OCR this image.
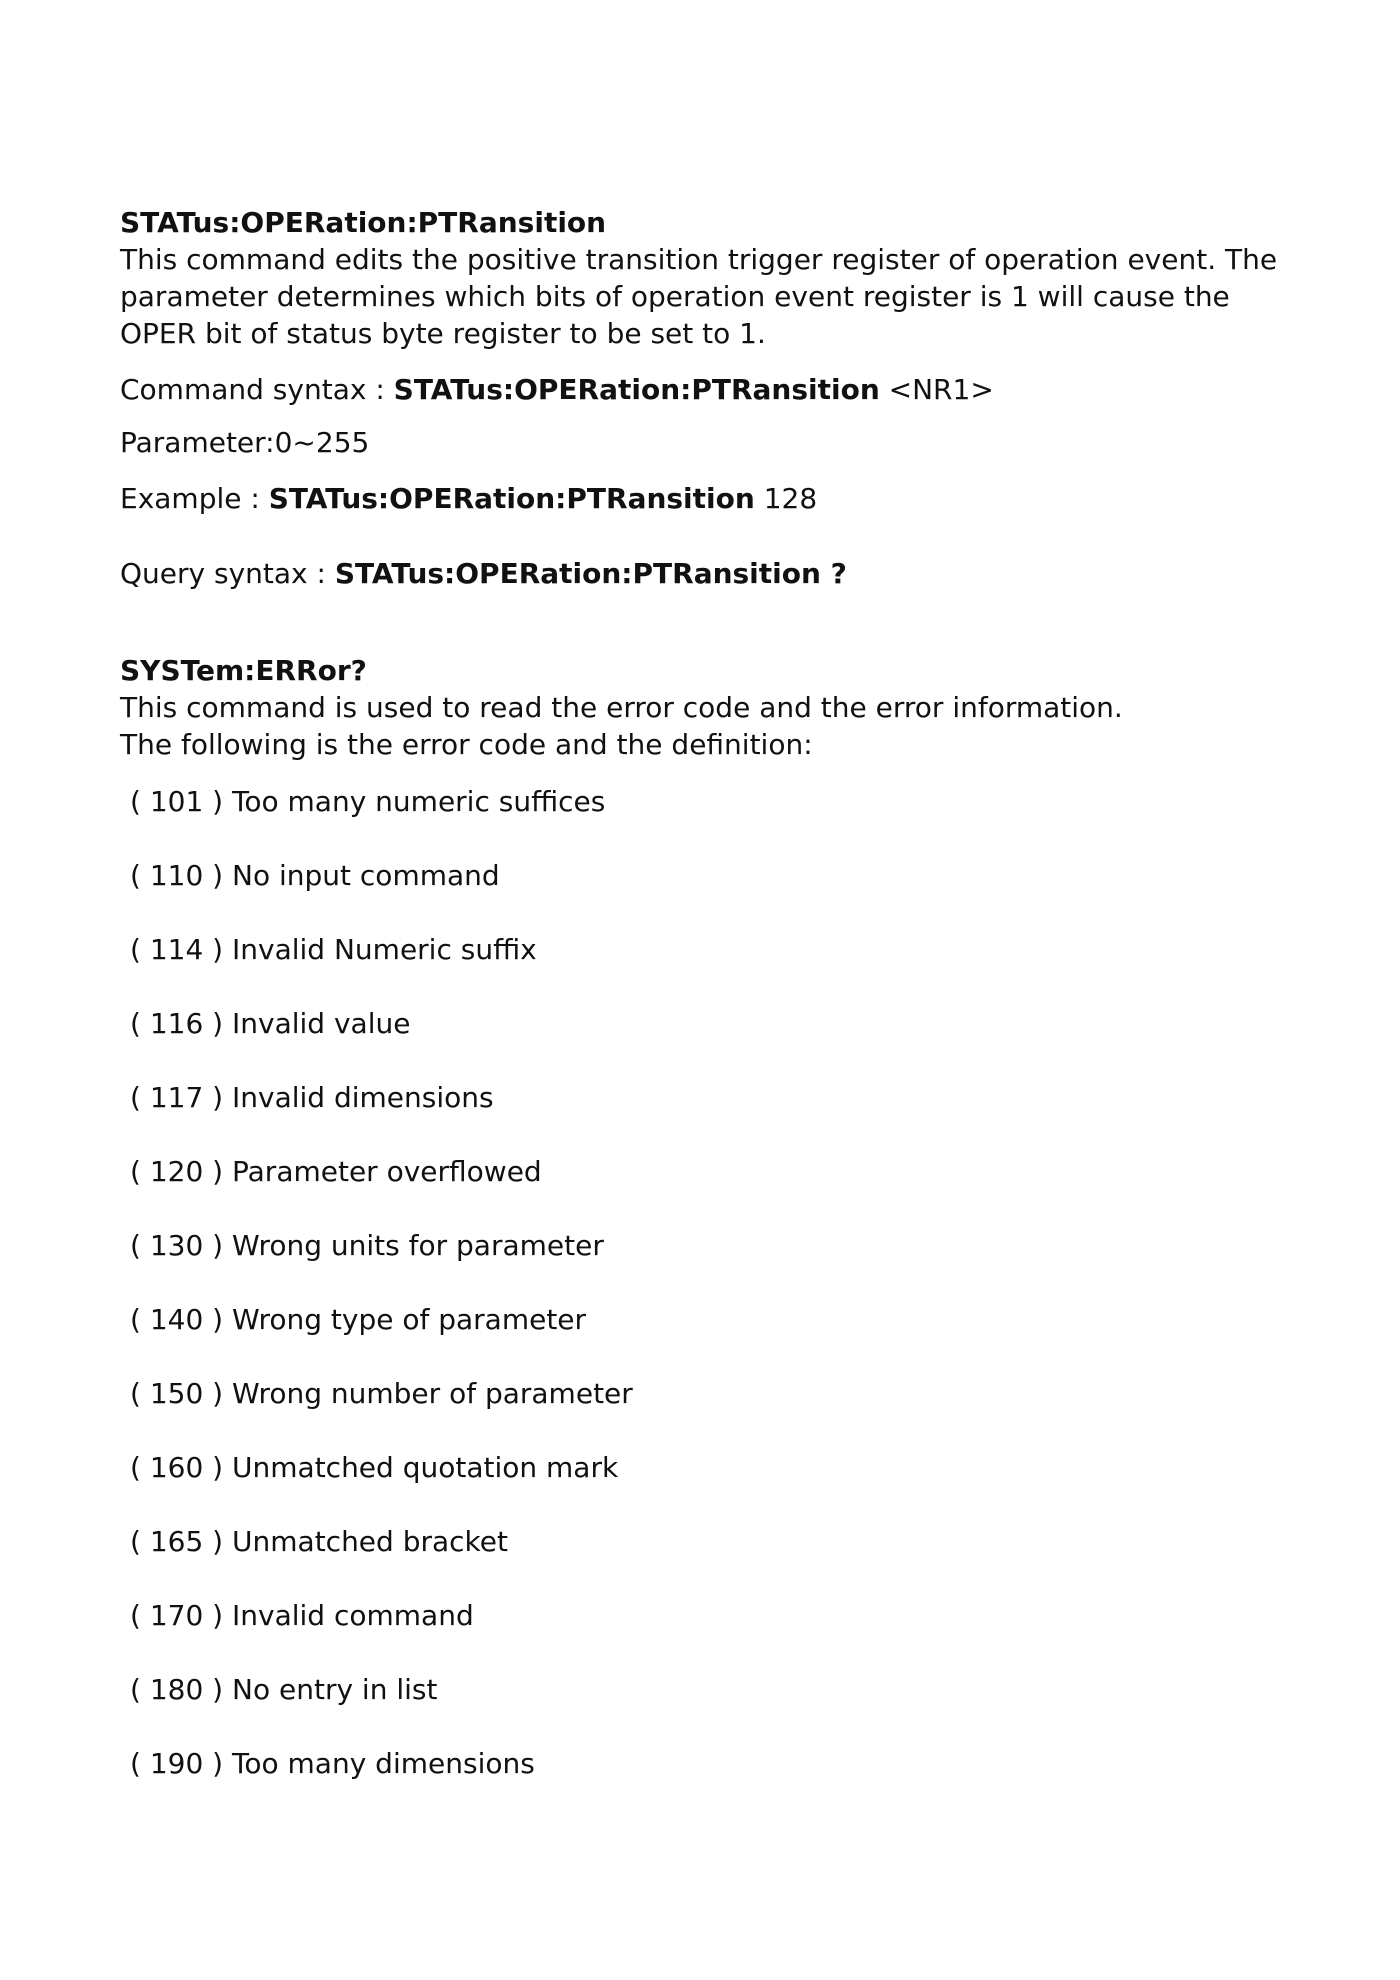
STATus:OPERation:PTRansition

This command edits the positive transition trigger register of operation event. The parameter determines which bits of operation event register is 1 will cause the OPER bit of status byte register to be set to 1.

Command syntax : STATus:OPERation:PTRansition <NR1>

Parameter:0~255

Example : STATus:OPERation:PTRansition 128

Query syntax : STATus:OPERation:PTRansition ?

SYSTem:ERRor?

This command is used to read the error code and the error information.

The following is the error code and the definition:

( 101 ) Too many numeric suffices
( 110 ) No input command
( 114 ) Invalid Numeric suffix
( 116 ) Invalid value
( 117 ) Invalid dimensions
( 120 ) Parameter overflowed
( 130 ) Wrong units for parameter
( 140 ) Wrong type of parameter
( 150 ) Wrong number of parameter
( 160 ) Unmatched quotation mark
( 165 ) Unmatched bracket
( 170 ) Invalid command
( 180 ) No entry in list
( 190 ) Too many dimensions
